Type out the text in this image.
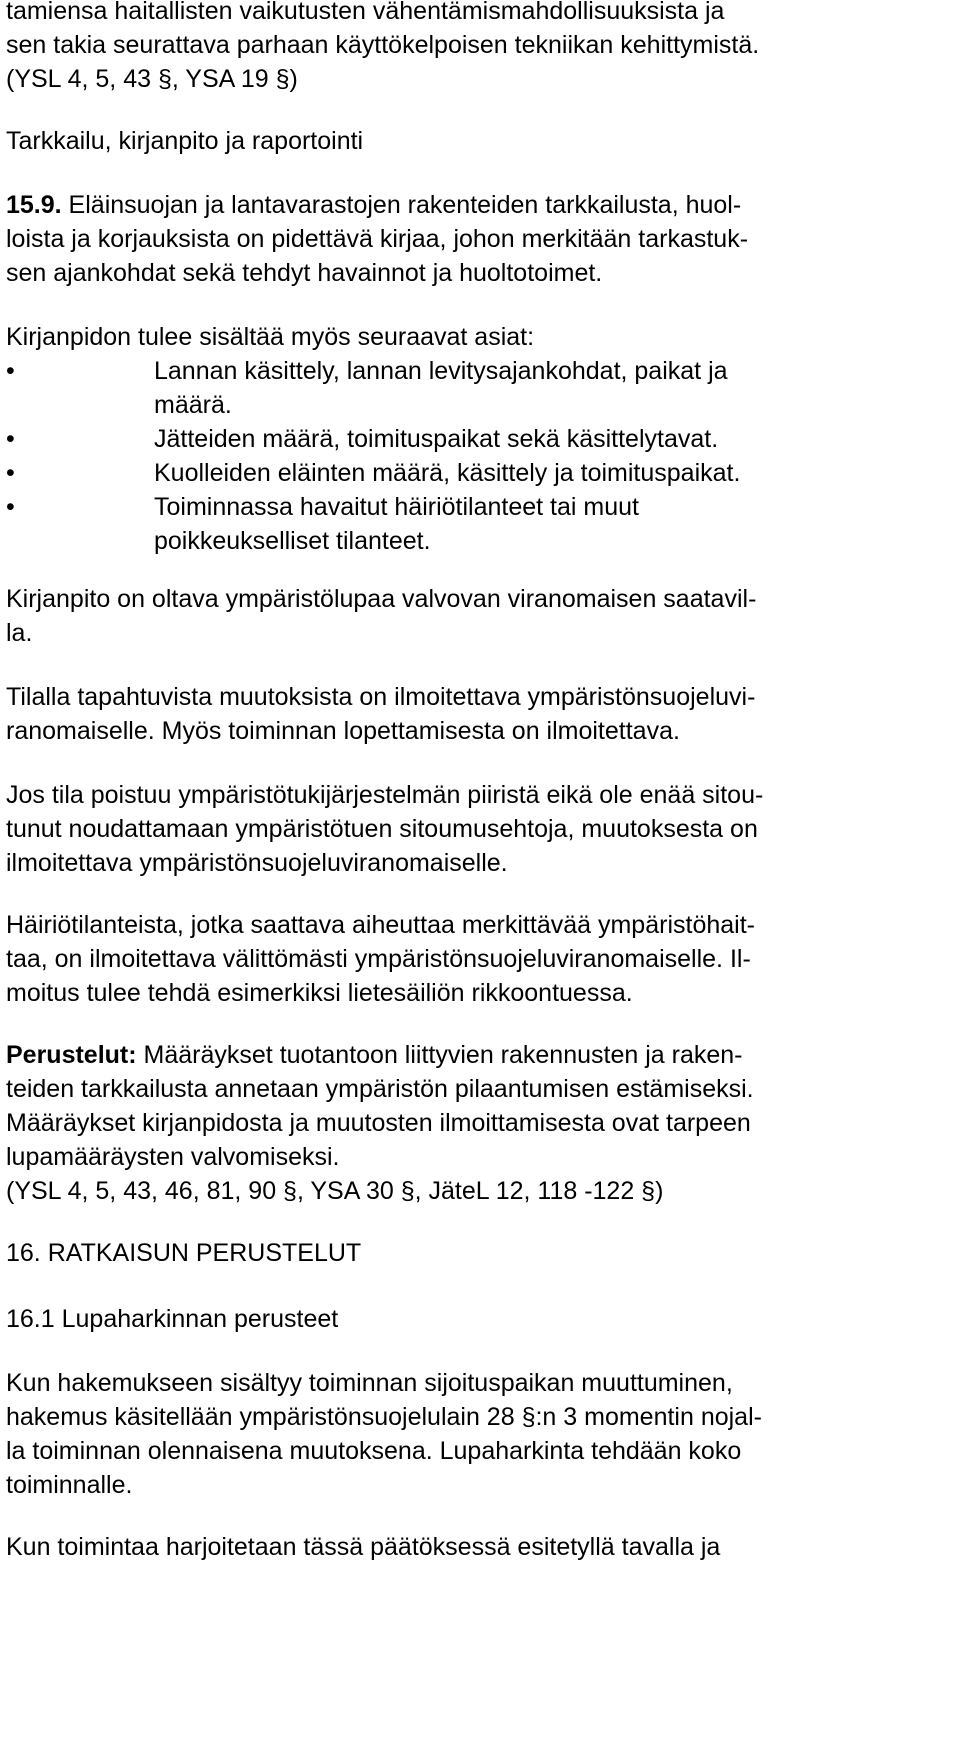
tamiensa haitallisten vaikutusten vähentämismahdollisuuksista ja
sen takia seurattava parhaan käyttökelpoisen tekniikan kehittymistä.
(YSL 4, 5, 43 §, YSA 19 §)
Tarkkailu, kirjanpito ja raportointi
15.9. Eläinsuojan ja lantavarastojen rakenteiden tarkkailusta, huol-
loista ja korjauksista on pidettävä kirjaa, johon merkitään tarkastuk-
sen ajankohdat sekä tehdyt havainnot ja huoltotoimet.
Kirjanpidon tulee sisältää myös seuraavat asiat:
•	Lannan käsittely, lannan levitysajankohdat, paikat ja
määrä.
•	Jätteiden määrä, toimituspaikat sekä käsittelytavat.
•	Kuolleiden eläinten määrä, käsittely ja toimituspaikat.
•	Toiminnassa havaitut häiriötilanteet tai muut
poikkeukselliset tilanteet.
Kirjanpito on oltava ympäristölupaa valvovan viranomaisen saatavil-
la.
Tilalla tapahtuvista muutoksista on ilmoitettava ympäristönsuojeluvi-
ranomaiselle. Myös toiminnan lopettamisesta on ilmoitettava.
Jos tila poistuu ympäristötukijärjestelmän piiristä eikä ole enää sitou-
tunut noudattamaan ympäristötuen sitoumusehtoja, muutoksesta on
ilmoitettava ympäristönsuojeluviranomaiselle.
Häiriötilanteista, jotka saattava aiheuttaa merkittävää ympäristöhait-
taa, on ilmoitettava välittömästi ympäristönsuojeluviranomaiselle. Il-
moitus tulee tehdä esimerkiksi lietesäiliön rikkoontuessa.
Perustelut: Määräykset tuotantoon liittyvien rakennusten ja raken-
teiden tarkkailusta annetaan ympäristön pilaantumisen estämiseksi.
Määräykset kirjanpidosta ja muutosten ilmoittamisesta ovat tarpeen
lupamääräysten valvomiseksi.
(YSL 4, 5, 43, 46, 81, 90 §, YSA 30 §, JäteL 12, 118 -122 §)
16. RATKAISUN PERUSTELUT
16.1 Lupaharkinnan perusteet
Kun hakemukseen sisältyy toiminnan sijoituspaikan muuttuminen,
hakemus käsitellään ympäristönsuojelulain 28 §:n 3 momentin nojal-
la toiminnan olennaisena muutoksena. Lupaharkinta tehdään koko
toiminnalle.
Kun toimintaa harjoitetaan tässä päätöksessä esitetyllä tavalla ja
